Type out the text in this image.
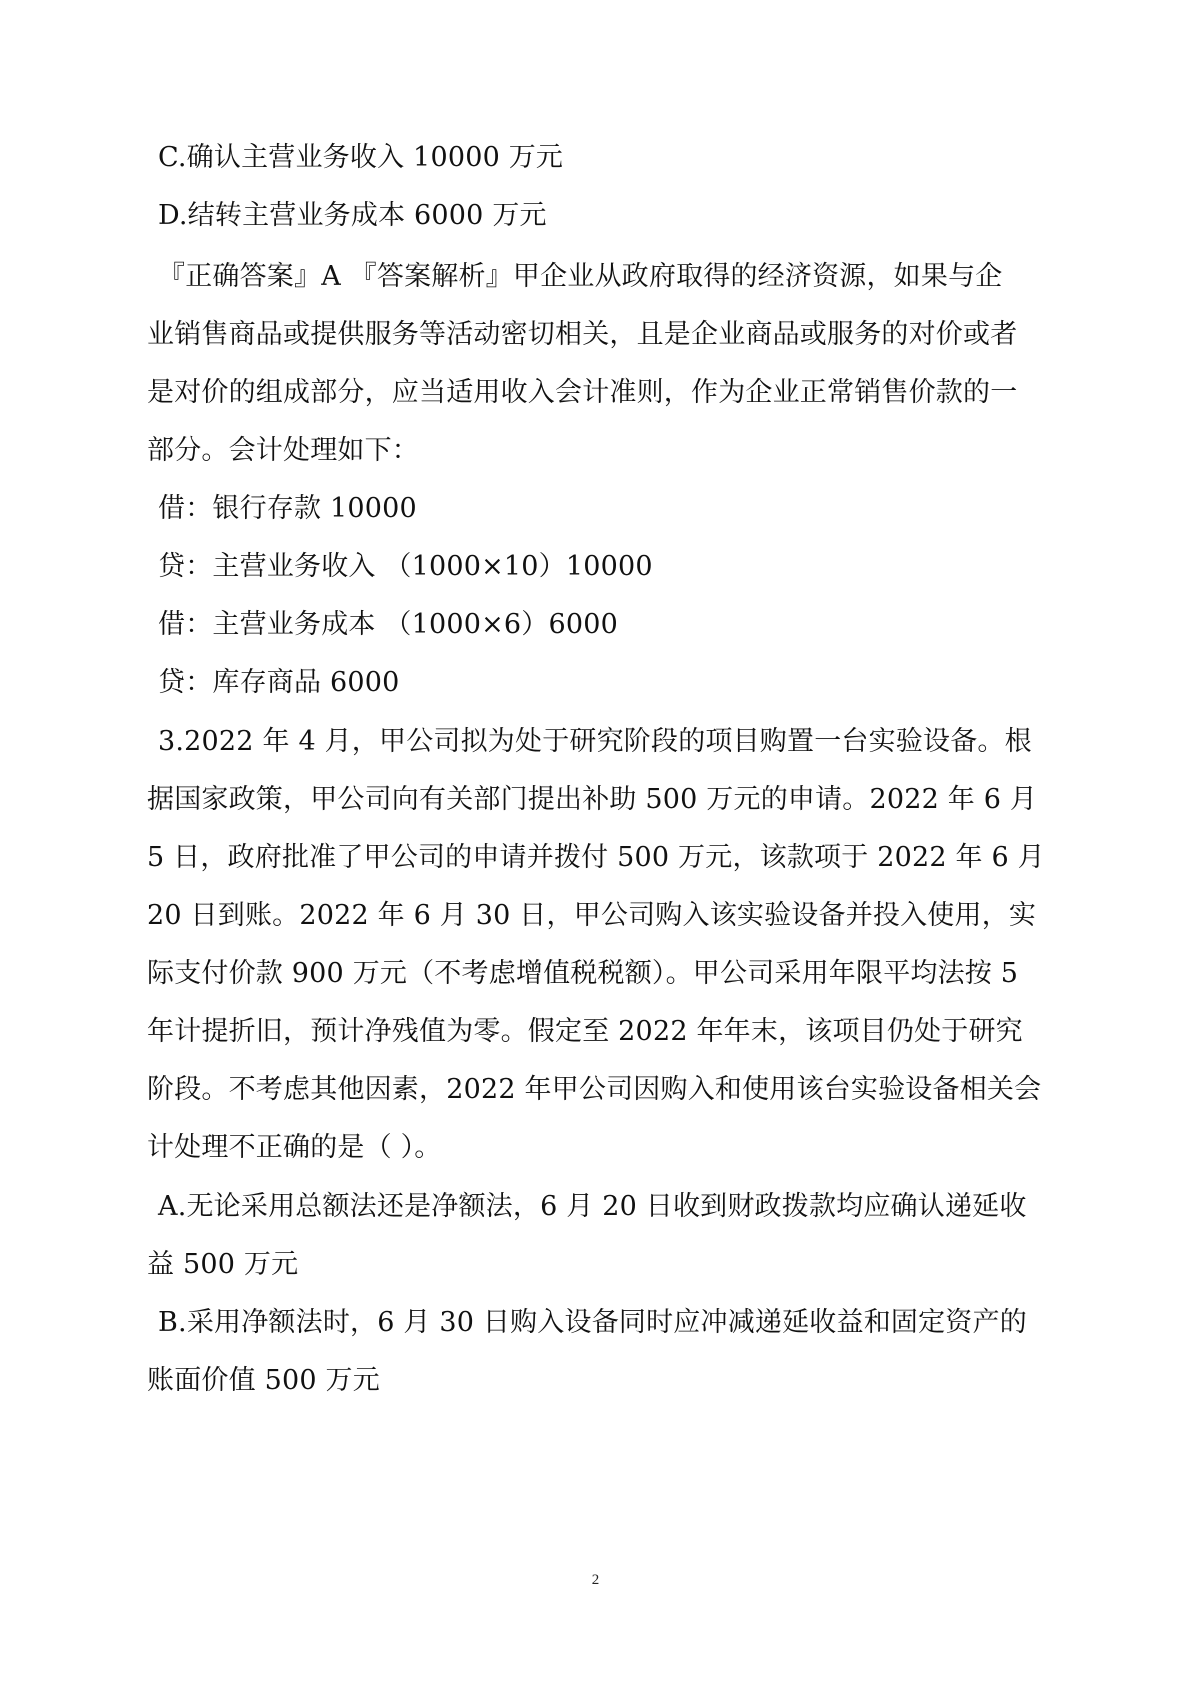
C.确认主营业务收入 10000 万元
D.结转主营业务成本 6000 万元
『正确答案』A 『答案解析』甲企业从政府取得的经济资源，如果与企
业销售商品或提供服务等活动密切相关，且是企业商品或服务的对价或者
是对价的组成部分，应当适用收入会计准则，作为企业正常销售价款的一
部分。会计处理如下：
借：银行存款 10000
贷：主营业务收入 （1000×10）10000
借：主营业务成本 （1000×6）6000
贷：库存商品 6000
3.2022 年 4 月，甲公司拟为处于研究阶段的项目购置一台实验设备。根
据国家政策，甲公司向有关部门提出补助 500 万元的申请。2022 年 6 月
5 日，政府批准了甲公司的申请并拨付 500 万元，该款项于 2022 年 6 月
20 日到账。2022 年 6 月 30 日，甲公司购入该实验设备并投入使用，实
际支付价款 900 万元（不考虑增值税税额）。甲公司采用年限平均法按 5
年计提折旧，预计净残值为零。假定至 2022 年年末，该项目仍处于研究
阶段。不考虑其他因素，2022 年甲公司因购入和使用该台实验设备相关会
计处理不正确的是（ ）。
A.无论采用总额法还是净额法，6 月 20 日收到财政拨款均应确认递延收
益 500 万元
B.采用净额法时，6 月 30 日购入设备同时应冲减递延收益和固定资产的
账面价值 500 万元
2
